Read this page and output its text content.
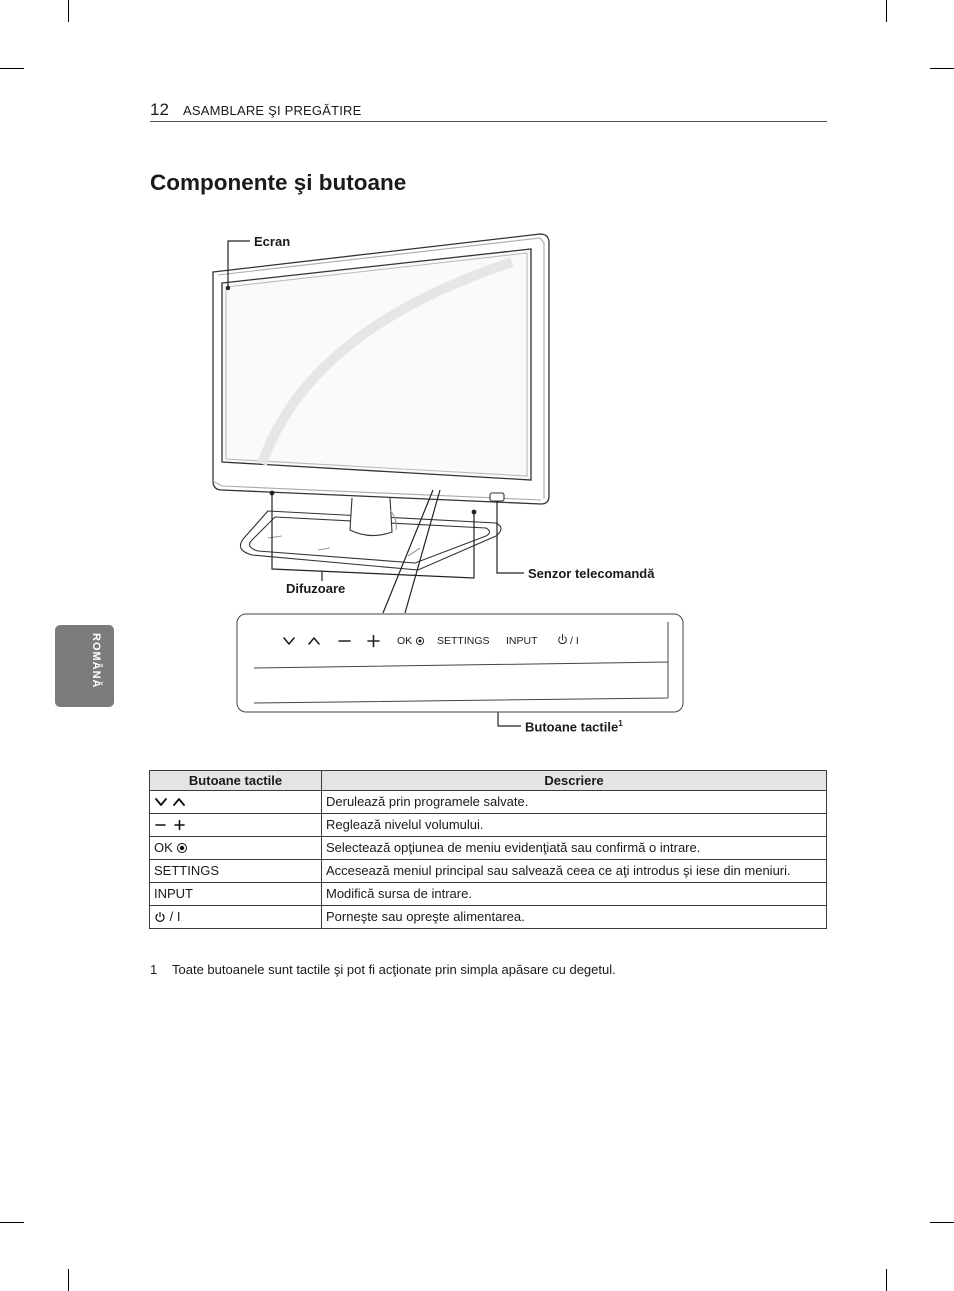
12 ASAMBLARE ŞI PREGĂTIRE
Componente şi butoane
ROMÂNĂ
Ecran
Difuzoare
Senzor telecomandă
Butoane tactile$^1$
OK SETTINGS INPUT	/ I
Butoane tactile	Descriere
	Derulează prin programele salvate.
	Reglează nivelul volumului.
OK	Selectează opţiunea de meniu evidenţiată sau confirmă o intrare.
SETTINGS	Accesează meniul principal sau salvează ceea ce aţi introdus şi iese din meniuri.
INPUT	Modifică sursa de intrare.
/ I	Porneşte sau opreşte alimentarea.
1 Toate butoanele sunt tactile şi pot fi acţionate prin simpla apăsare cu degetul.
